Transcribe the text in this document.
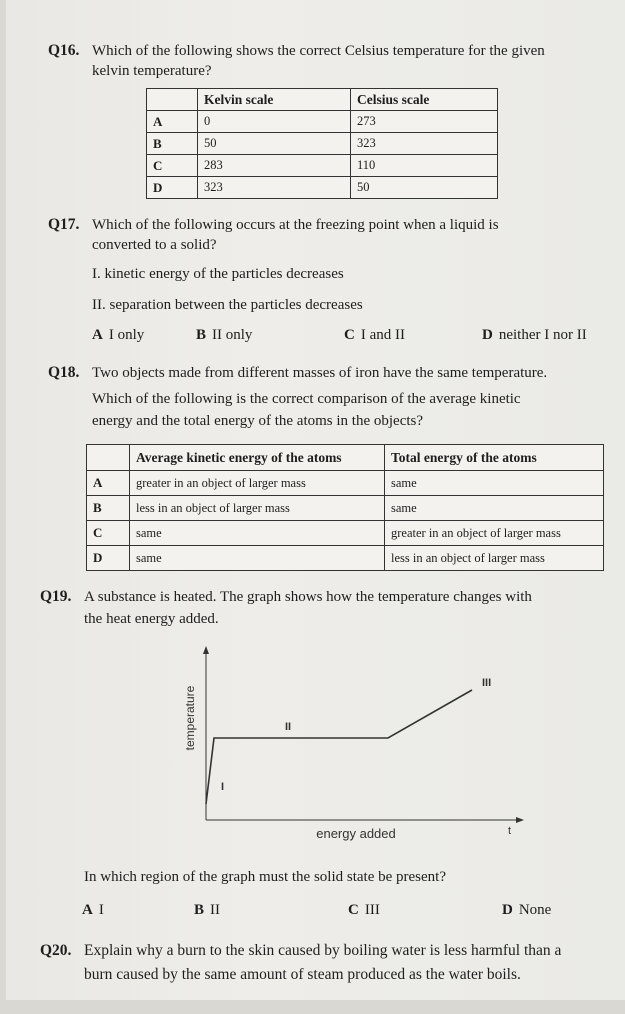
Q16. Which of the following shows the correct Celsius temperature for the given
kelvin temperature?
	Kelvin scale	Celsius scale
A	0	273
B	50	323
C	283	110
D	323	50
Q17. Which of the following occurs at the freezing point when a liquid is
converted to a solid?
I. kinetic energy of the particles decreases
II. separation between the particles decreases
A I only	B II only	C I and II	D neither I nor II
Q18. Two objects made from different masses of iron have the same temperature.
Which of the following is the correct comparison of the average kinetic
energy and the total energy of the atoms in the objects?
	Average kinetic energy of the atoms	Total energy of the atoms
A	greater in an object of larger mass	same
B	less in an object of larger mass	same
C	same	greater in an object of larger mass
D	same	less in an object of larger mass
Q19. A substance is heated. The graph shows how the temperature changes with
the heat energy added.
temperature
energy added	t
I
II
III
In which region of the graph must the solid state be present?
A I	B II	C III	D None
Q20. Explain why a burn to the skin caused by boiling water is less harmful than a
burn caused by the same amount of steam produced as the water boils.
